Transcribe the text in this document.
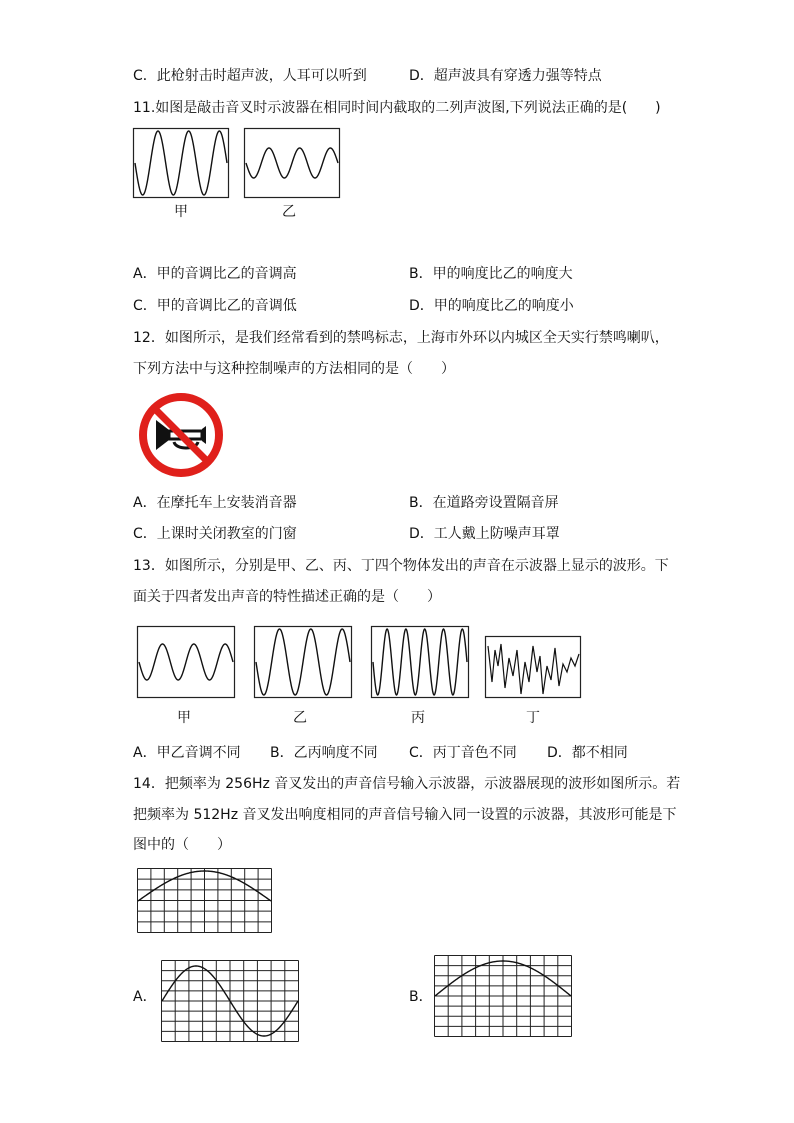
C．此枪射击时超声波，人耳可以听到	D．超声波具有穿透力强等特点
11.如图是敲击音叉时示波器在相同时间内截取的二列声波图,下列说法正确的是(　　)
甲	乙
A．甲的音调比乙的音调高	B．甲的响度比乙的响度大
C．甲的音调比乙的音调低	D．甲的响度比乙的响度小
12．如图所示，是我们经常看到的禁鸣标志，上海市外环以内城区全天实行禁鸣喇叭，
下列方法中与这种控制噪声的方法相同的是（　　）
A．在摩托车上安装消音器	B．在道路旁设置隔音屏
C．上课时关闭教室的门窗	D．工人戴上防噪声耳罩
13．如图所示，分别是甲、乙、丙、丁四个物体发出的声音在示波器上显示的波形。下
面关于四者发出声音的特性描述正确的是（　　）
甲	乙	丙	丁
A．甲乙音调不同 B．乙丙响度不同 C．丙丁音色不同 D．都不相同
14．把频率为 256Hz 音叉发出的声音信号输入示波器，示波器展现的波形如图所示。若
把频率为 512Hz 音叉发出响度相同的声音信号输入同一设置的示波器，其波形可能是下
图中的（　　）
A．	B．
